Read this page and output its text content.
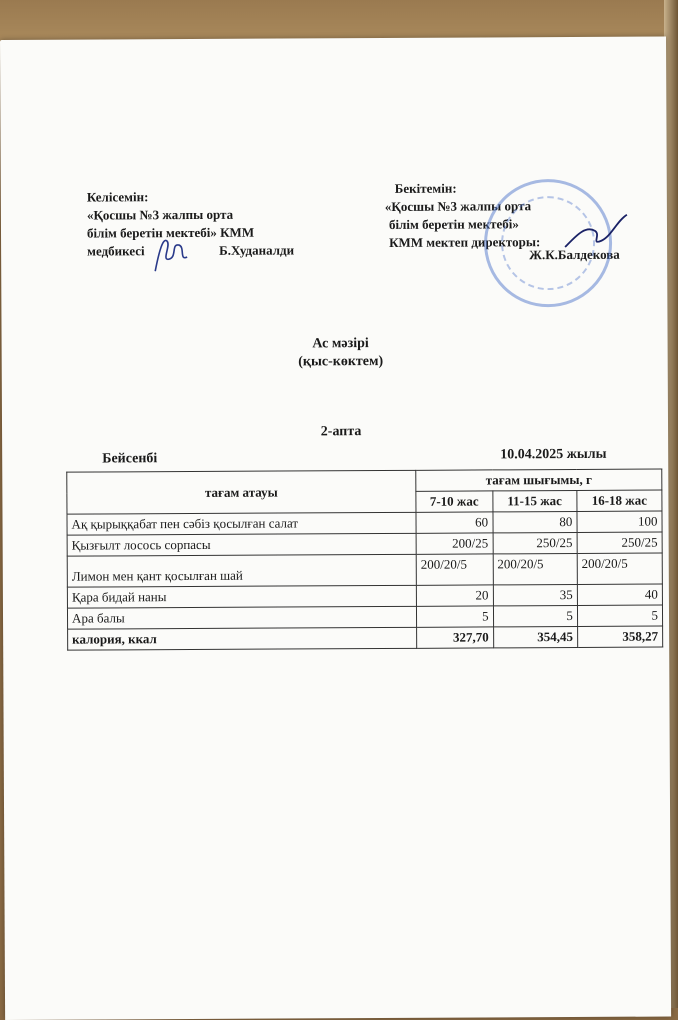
Келісемін:
«Қосшы №3 жалпы орта
білім беретін мектебі» КММ
медбикесі	Б.Худаналди
Бекітемін:
«Қосшы №3 жалпы орта
білім беретін мектебі»
КММ мектеп директоры:
Ж.К.Балдекова
Ас мәзірі
(қыс-көктем)
2-апта
Бейсенбі	10.04.2025 жылы
тағам атауы	тағам шығымы, г		
	7-10 жас	11-15 жас	16-18 жас
Ақ қырыққабат пен сәбіз қосылған салат	60	80	100
Қызғылт лосось сорпасы	200/25	250/25	250/25
Лимон мен қант қосылған шай	200/20/5	200/20/5	200/20/5
Қара бидай наны	20	35	40
Ара балы	5	5	5
калория, ккал	327,70	354,45	358,27
